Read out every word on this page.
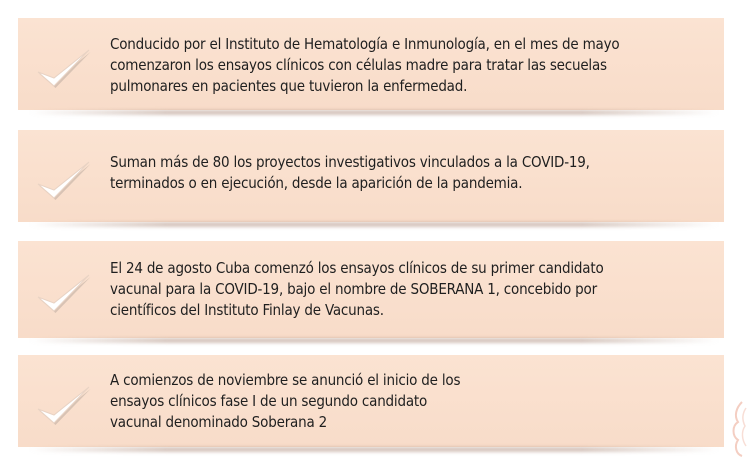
Conducido por el Instituto de Hematología e Inmunología, en el mes de mayo
comenzaron los ensayos clínicos con células madre para tratar las secuelas
pulmonares en pacientes que tuvieron la enfermedad.
Suman más de 80 los proyectos investigativos vinculados a la COVID-19,
terminados o en ejecución, desde la aparición de la pandemia.
El 24 de agosto Cuba comenzó los ensayos clínicos de su primer candidato
vacunal para la COVID-19, bajo el nombre de SOBERANA 1, concebido por
científicos del Instituto Finlay de Vacunas.
A comienzos de noviembre se anunció el inicio de los
ensayos clínicos fase I de un segundo candidato
vacunal denominado Soberana 2
